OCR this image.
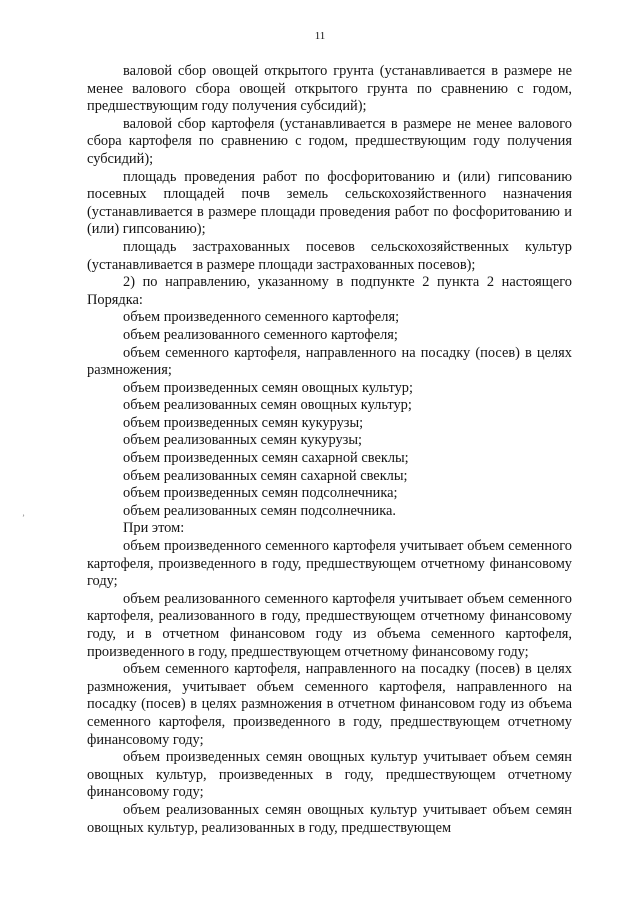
11
’

валовой сбор овощей открытого грунта (устанавливается в размере не менее валового сбора овощей открытого грунта по сравнению с годом, предшествующим году получения субсидий);

валовой сбор картофеля (устанавливается в размере не менее валового сбора картофеля по сравнению с годом, предшествующим году получения субсидий);

площадь проведения работ по фосфоритованию и (или) гипсованию посевных площадей почв земель сельскохозяйственного назначения (устанавливается в размере площади проведения работ по фосфоритованию и (или) гипсованию);

площадь застрахованных посевов сельскохозяйственных культур (устанавливается в размере площади застрахованных посевов);

2) по направлению, указанному в подпункте 2 пункта 2 настоящего Порядка:

объем произведенного семенного картофеля;

объем реализованного семенного картофеля;

объем семенного картофеля, направленного на посадку (посев) в целях размножения;

объем произведенных семян овощных культур;

объем реализованных семян овощных культур;

объем произведенных семян кукурузы;

объем реализованных семян кукурузы;

объем произведенных семян сахарной свеклы;

объем реализованных семян сахарной свеклы;

объем произведенных семян подсолнечника;

объем реализованных семян подсолнечника.

При этом:

объем произведенного семенного картофеля учитывает объем семенного картофеля, произведенного в году, предшествующем отчетному финансовому году;

объем реализованного семенного картофеля учитывает объем семенного картофеля, реализованного в году, предшествующем отчетному финансовому году, и в отчетном финансовом году из объема семенного картофеля, произведенного в году, предшествующем отчетному финансовому году;

объем семенного картофеля, направленного на посадку (посев) в целях размножения, учитывает объем семенного картофеля, направленного на посадку (посев) в целях размножения в отчетном финансовом году из объема семенного картофеля, произведенного в году, предшествующем отчетному финансовому году;

объем произведенных семян овощных культур учитывает объем семян овощных культур, произведенных в году, предшествующем отчетному финансовому году;

объем реализованных семян овощных культур учитывает объем семян овощных культур, реализованных в году, предшествующем
